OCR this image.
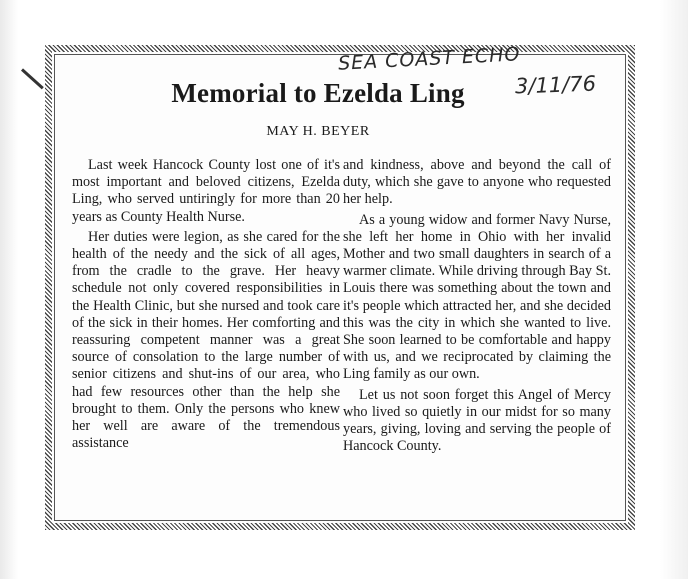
SEA COAST ECHO
3/11/76
Memorial to Ezelda Ling
MAY H. BEYER

Last week Hancock County lost one of it's most important and beloved citizens, Ezelda Ling, who served untiringly for more than 20 years as County Health Nurse.

Her duties were legion, as she cared for the health of the needy and the sick of all ages, from the cradle to the grave. Her heavy schedule not only covered responsibilities in the Health Clinic, but she nursed and took care of the sick in their homes. Her comforting and reassuring competent manner was a great source of consolation to the large number of senior citizens and shut-ins of our area, who had few resources other than the help she brought to them. Only the persons who knew her well are aware of the tremendous assistance

and kindness, above and beyond the call of duty, which she gave to anyone who requested her help.

As a young widow and former Navy Nurse, she left her home in Ohio with her invalid Mother and two small daughters in search of a warmer climate. While driving through Bay St. Louis there was something about the town and it's people which attracted her, and she decided this was the city in which she wanted to live. She soon learned to be comfortable and happy with us, and we reciprocated by claiming the Ling family as our own.

Let us not soon forget this Angel of Mercy who lived so quietly in our midst for so many years, giving, loving and serving the people of Hancock County.
